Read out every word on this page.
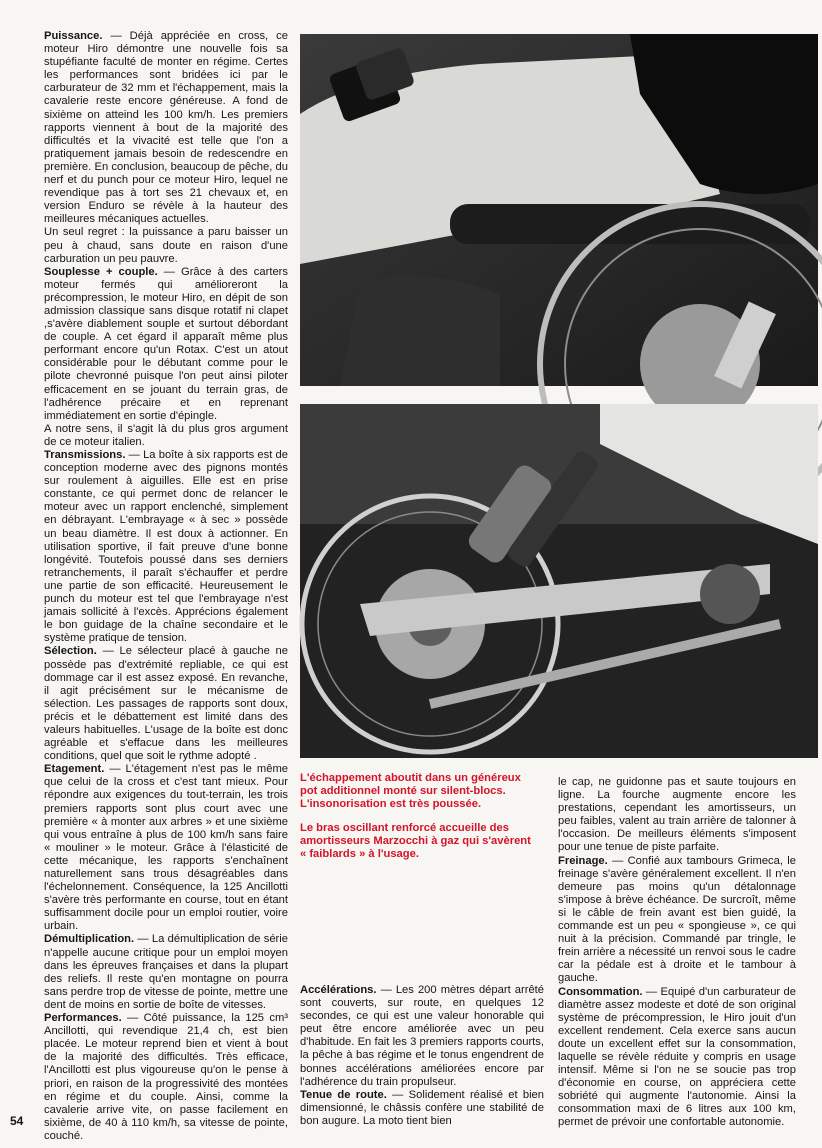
Puissance. — Déjà appréciée en cross, ce moteur Hiro démontre une nouvelle fois sa stupéfiante faculté de monter en régime. Certes les performances sont bridées ici par le carburateur de 32 mm et l'échappement, mais la cavalerie reste encore généreuse. A fond de sixième on atteind les 100 km/h. Les premiers rapports viennent à bout de la majorité des difficultés et la vivacité est telle que l'on a pratiquement jamais besoin de redescendre en première. En conclusion, beaucoup de pêche, du nerf et du punch pour ce moteur Hiro, lequel ne revendique pas à tort ses 21 chevaux et, en version Enduro se révèle à la hauteur des meilleures mécaniques actuelles.

Un seul regret : la puissance a paru baisser un peu à chaud, sans doute en raison d'une carburation un peu pauvre.

Souplesse + couple. — Grâce à des carters moteur fermés qui amélioreront la précompression, le moteur Hiro, en dépit de son admission classique sans disque rotatif ni clapet ,s'avère diablement souple et surtout débordant de couple. A cet égard il apparaît même plus performant encore qu'un Rotax. C'est un atout considérable pour le débutant comme pour le pilote chevronné puisque l'on peut ainsi piloter efficacement en se jouant du terrain gras, de l'adhérence précaire et en reprenant immédiatement en sortie d'épingle.

A notre sens, il s'agit là du plus gros argument de ce moteur italien.

Transmissions. — La boîte à six rapports est de conception moderne avec des pignons montés sur roulement à aiguilles. Elle est en prise constante, ce qui permet donc de relancer le moteur avec un rapport enclenché, simplement en débrayant. L'embrayage « à sec » possède un beau diamètre. Il est doux à actionner. En utilisation sportive, il fait preuve d'une bonne longévité. Toutefois poussé dans ses derniers retranchements, il paraît s'échauffer et perdre une partie de son efficacité. Heureusement le punch du moteur est tel que l'embrayage n'est jamais sollicité à l'excès. Apprécions également le bon guidage de la chaîne secondaire et le système pratique de tension.

Sélection. — Le sélecteur placé à gauche ne possède pas d'extrémité repliable, ce qui est dommage car il est assez exposé. En revanche, il agit précisément sur le mécanisme de sélection. Les passages de rapports sont doux, précis et le débattement est limité dans des valeurs habituelles. L'usage de la boîte est donc agréable et s'effacue dans les meilleures conditions, quel que soit le rythme adopté .

Etagement. — L'étagement n'est pas le même que celui de la cross et c'est tant mieux. Pour répondre aux exigences du tout-terrain, les trois premiers rapports sont plus court avec une première « à monter aux arbres » et une sixième qui vous entraîne à plus de 100 km/h sans faire « mouliner » le moteur. Grâce à l'élasticité de cette mécanique, les rapports s'enchaînent naturellement sans trous désagréables dans l'échelonnement. Conséquence, la 125 Ancillotti s'avère très performante en course, tout en étant suffisamment docile pour un emploi routier, voire urbain.

Démultiplication. — La démultiplication de série n'appelle aucune critique pour un emploi moyen dans les épreuves françaises et dans la plupart des reliefs. Il reste qu'en montagne on pourra sans perdre trop de vitesse de pointe, mettre une dent de moins en sortie de boîte de vitesses.

Performances. — Côté puissance, la 125 cm³ Ancillotti, qui revendique 21,4 ch, est bien placée. Le moteur reprend bien et vient à bout de la majorité des difficultés. Très efficace, l'Ancillotti est plus vigoureuse qu'on le pense à priori, en raison de la progressivité des montées en régime et du couple. Ainsi, comme la cavalerie arrive vite, on passe facilement en sixième, de 40 à 110 km/h, sa vitesse de pointe, couché.

L'échappement aboutit dans un généreux pot additionnel monté sur silent-blocs. L'insonorisation est très poussée.

Le bras oscillant renforcé accueille des amortisseurs Marzocchi à gaz qui s'avèrent « faiblards » à l'usage.

Accélérations. — Les 200 mètres départ arrêté sont couverts, sur route, en quelques 12 secondes, ce qui est une valeur honorable qui peut être encore améliorée avec un peu d'habitude. En fait les 3 premiers rapports courts, la pêche à bas régime et le tonus engendrent de bonnes accélérations améliorées encore par l'adhérence du train propulseur.

Tenue de route. — Solidement réalisé et bien dimensionné, le châssis confère une stabilité de bon augure. La moto tient bien

le cap, ne guidonne pas et saute toujours en ligne. La fourche augmente encore les prestations, cependant les amortisseurs, un peu faibles, valent au train arrière de talonner à l'occasion. De meilleurs éléments s'imposent pour une tenue de piste parfaite.

Freinage. — Confié aux tambours Grimeca, le freinage s'avère généralement excellent. Il n'en demeure pas moins qu'un détalonnage s'impose à brève échéance. De surcroît, même si le câble de frein avant est bien guidé, la commande est un peu « spongieuse », ce qui nuit à la précision. Commandé par tringle, le frein arrière a nécessité un renvoi sous le cadre car la pédale est à droite et le tambour à gauche.

Consommation. — Equipé d'un carburateur de diamètre assez modeste et doté de son original système de précompression, le Hiro jouit d'un excellent rendement. Cela exerce sans aucun doute un excellent effet sur la consommation, laquelle se révèle réduite y compris en usage intensif. Même si l'on ne se soucie pas trop d'économie en course, on appréciera cette sobriété qui augmente l'autonomie. Ainsi la consommation maxi de 6 litres aux 100 km, permet de prévoir une confortable autonomie.

54
